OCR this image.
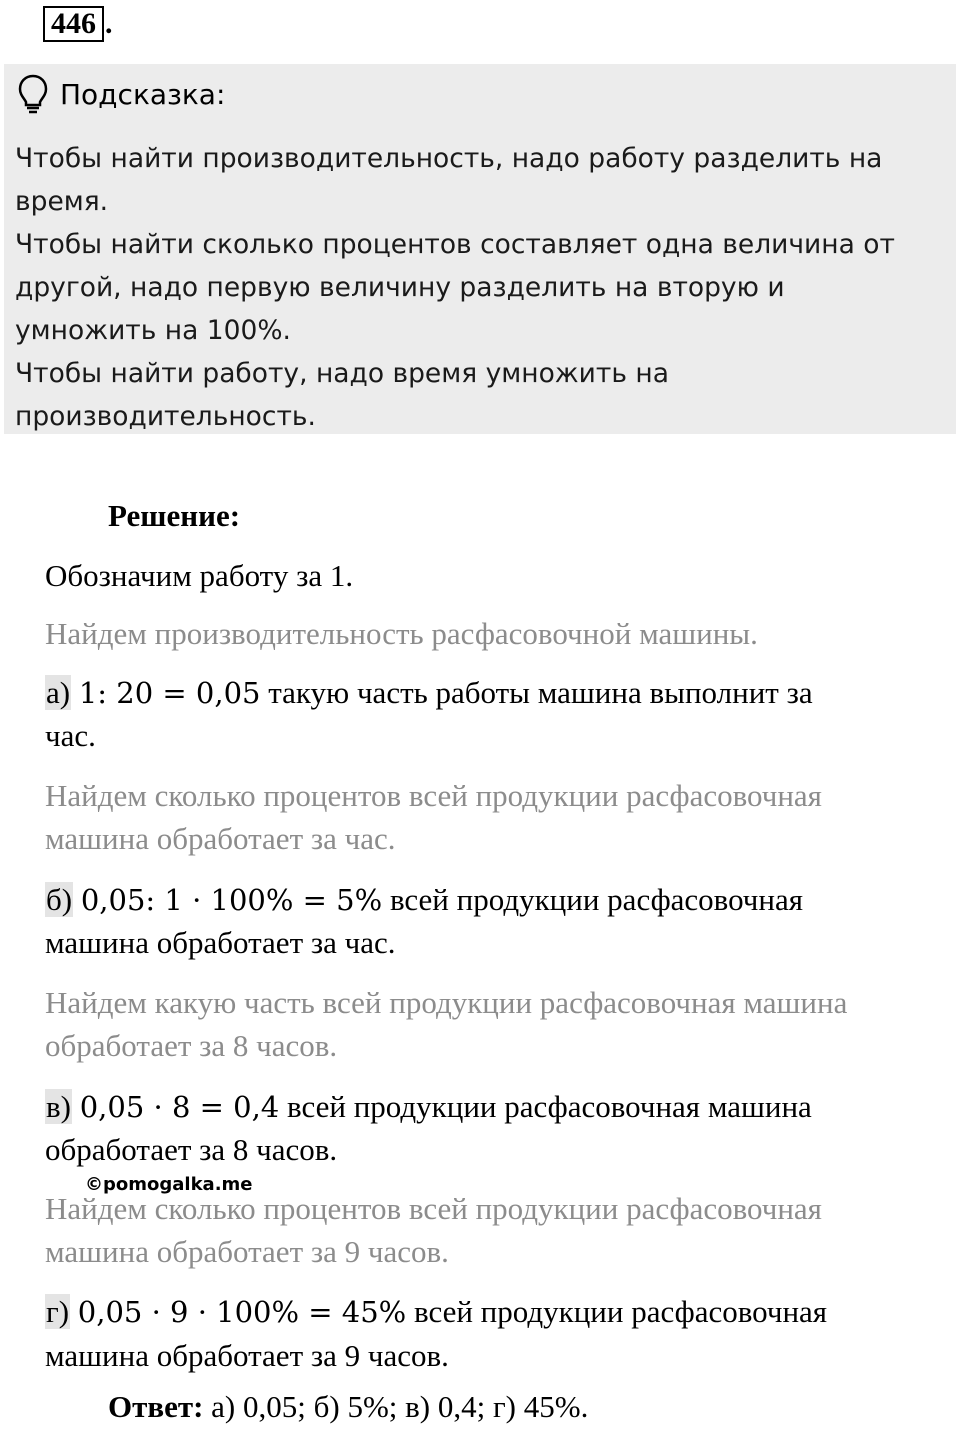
446 .
Подсказка:
Чтобы найти производительность, надо работу разделить на
время.
Чтобы найти сколько процентов составляет одна величина от
другой, надо первую величину разделить на вторую и
умножить на 100%.
Чтобы найти работу, надо время умножить на
производительность.
Решение:
Обозначим работу за 1.
Найдем производительность расфасовочной машины.
а) 1: 20 = 0,05 такую часть работы машина выполнит за
час.
Найдем сколько процентов всей продукции расфасовочная
машина обработает за час.
б) 0,05: 1 · 100% = 5% всей продукции расфасовочная
машина обработает за час.
Найдем какую часть всей продукции расфасовочная машина
обработает за 8 часов.
в) 0,05 · 8 = 0,4 всей продукции расфасовочная машина
обработает за 8 часов.
©pomogalka.me
Найдем сколько процентов всей продукции расфасовочная
машина обработает за 9 часов.
г) 0,05 · 9 · 100% = 45% всей продукции расфасовочная
машина обработает за 9 часов.
Ответ: а) 0,05; б) 5%; в) 0,4; г) 45%.
